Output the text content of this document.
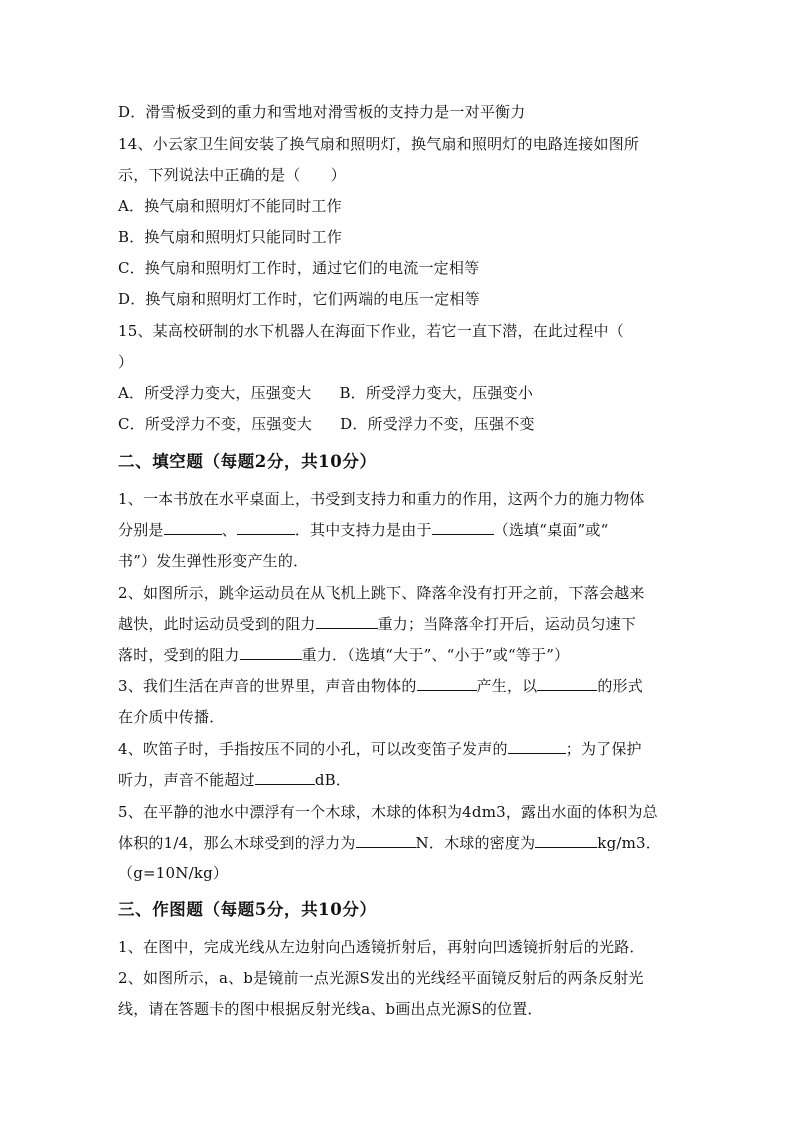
D．滑雪板受到的重力和雪地对滑雪板的支持力是一对平衡力
14、小云家卫生间安装了换气扇和照明灯，换气扇和照明灯的电路连接如图所
示，下列说法中正确的是（　　）
A．换气扇和照明灯不能同时工作
B．换气扇和照明灯只能同时工作
C．换气扇和照明灯工作时，通过它们的电流一定相等
D．换气扇和照明灯工作时，它们两端的电压一定相等
15、某高校研制的水下机器人在海面下作业，若它一直下潜，在此过程中（
）
A．所受浮力变大，压强变大 B．所受浮力变大，压强变小
C．所受浮力不变，压强变大 D．所受浮力不变，压强不变
二、填空题（每题2分，共10分）
1、一本书放在水平桌面上，书受到支持力和重力的作用，这两个力的施力物体
分别是	、	．其中支持力是由于	（选填“桌面”或“
书”）发生弹性形变产生的．
2、如图所示，跳伞运动员在从飞机上跳下、降落伞没有打开之前，下落会越来
越快，此时运动员受到的阻力	重力；当降落伞打开后，运动员匀速下
落时，受到的阻力	重力．（选填“大于”、“小于”或“等于”）
3、我们生活在声音的世界里，声音由物体的	产生，以	的形式
在介质中传播．
4、吹笛子时，手指按压不同的小孔，可以改变笛子发声的	；为了保护
听力，声音不能超过	dB．
5、在平静的池水中漂浮有一个木球，木球的体积为4dm3，露出水面的体积为总
体积的1/4，那么木球受到的浮力为	N．木球的密度为	kg/m3．
（g=10N/kg）
三、作图题（每题5分，共10分）
1、在图中，完成光线从左边射向凸透镜折射后，再射向凹透镜折射后的光路．
2、如图所示，a、b是镜前一点光源S发出的光线经平面镜反射后的两条反射光
线，请在答题卡的图中根据反射光线a、b画出点光源S的位置．
